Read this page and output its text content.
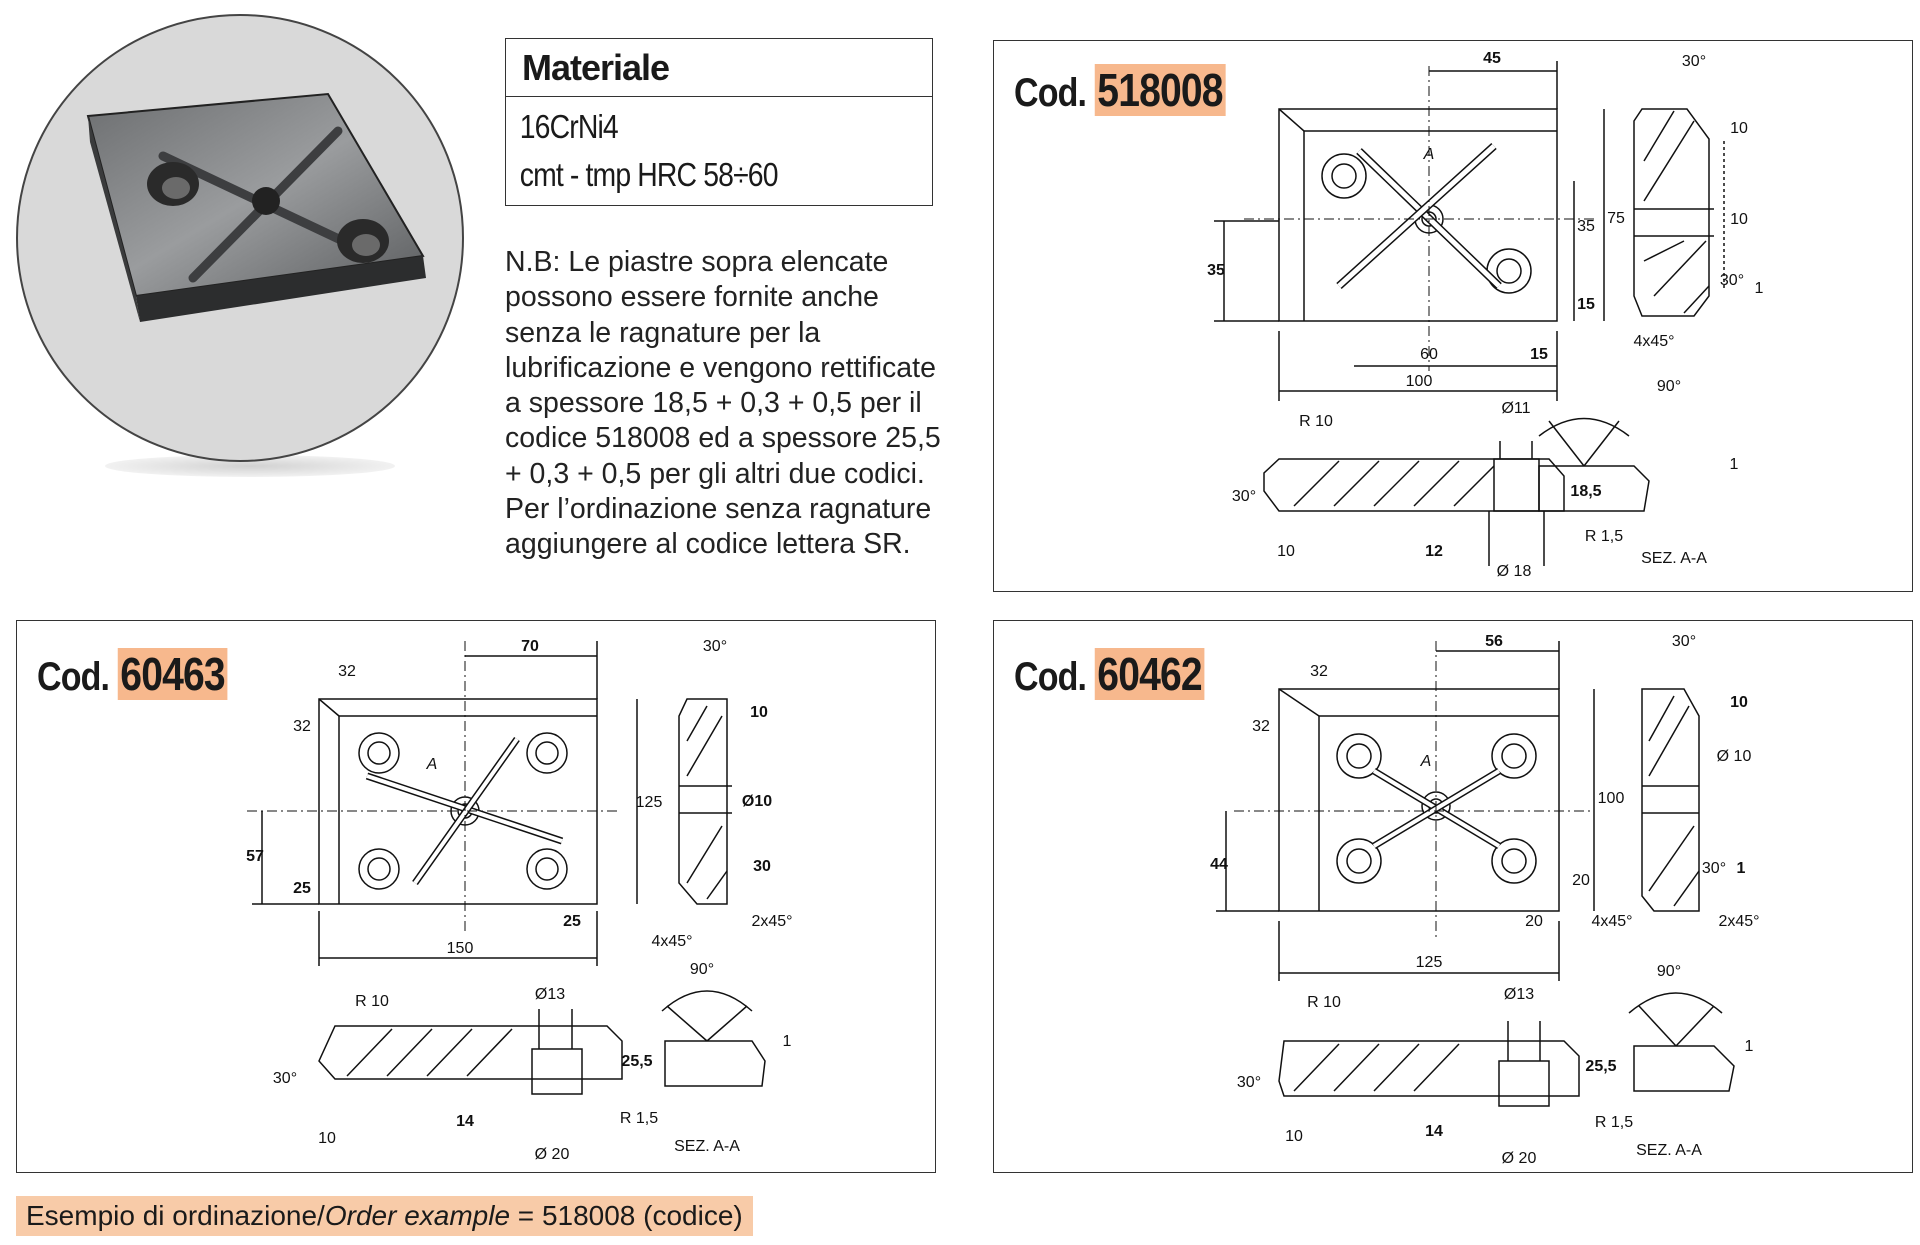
Materiale
16CrNi4
cmt - tmp HRC 58÷60
N.B: Le piastre sopra elencate possono essere fornite anche senza le ragnature per la lubrificazione e vengono rettificate a spessore 18,5 + 0,3 + 0,5 per il codice 518008 ed a spessore 25,5 + 0,3 + 0,5 per gli altri due codici. Per l’ordinazione senza ragnature aggiungere al codice lettera SR.
Cod. 518008
45
100
60	15
75
35
15
35
A
30°
10
10
30° 1
4x45°
R 10
Ø11
Ø 18
30°
10	12
18,5
90°
1
R 1,5
SEZ. A-A
Cod. 60463
70
150
125
57
32
32
25
25
A
30°
10
Ø10
30
4x45°
2x45°
R 10	Ø13
Ø 20
30°
10
14
25,5
90°
1
R 1,5
SEZ. A-A
Cod. 60462
56
125
100
44
32
32
20
20
A
30°
10
Ø 10
30° 1
4x45°	2x45°
R 10	Ø13
Ø 20
30°
10	14
25,5
90°
1
R 1,5
SEZ. A-A
Esempio di ordinazione/Order example = 518008 (codice)
